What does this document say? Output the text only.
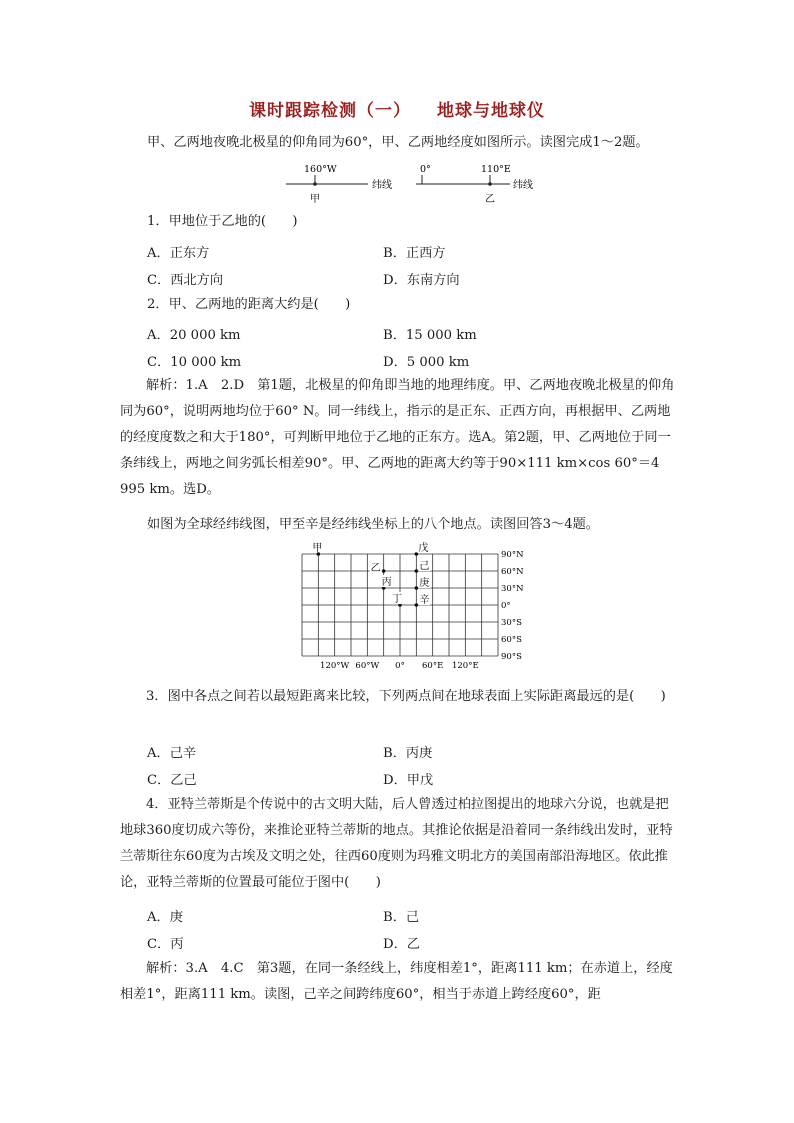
课时跟踪检测（一） 地球与地球仪
甲、乙两地夜晚北极星的仰角同为60°，甲、乙两地经度如图所示。读图完成1～2题。
160°W
甲
纬线
0°	110°E
乙
纬线
1．甲地位于乙地的(　　)
A．正东方	B．正西方
C．西北方向	D．东南方向
2．甲、乙两地的距离大约是(　　)
A．20 000 km	B．15 000 km
C．10 000 km	D．5 000 km
解析：1.A　2.D　第1题，北极星的仰角即当地的地理纬度。甲、乙两地夜晚北极星的仰角同为60°，说明两地均位于60° N。同一纬线上，指示的是正东、正西方向，再根据甲、乙两地的经度度数之和大于180°，可判断甲地位于乙地的正东方。选A。第2题，甲、乙两地位于同一条纬线上，两地之间劣弧长相差90°。甲、乙两地的距离大约等于90×111 km×cos 60°＝4 995 km。选D。
如图为全球经纬线图，甲至辛是经纬线坐标上的八个地点。读图回答3～4题。
90°N
60°N
30°N
0°
30°S
60°S
90°S
120°W 60°W 0° 60°E 120°E
甲	戊
己
乙
丙	庚
丁 辛
3．图中各点之间若以最短距离来比较，下列两点间在地球表面上实际距离最远的是(　　)
A．己辛	B．丙庚
C．乙己	D．甲戊
4．亚特兰蒂斯是个传说中的古文明大陆，后人曾透过柏拉图提出的地球六分说，也就是把地球360度切成六等份，来推论亚特兰蒂斯的地点。其推论依据是沿着同一条纬线出发时，亚特兰蒂斯往东60度为古埃及文明之处，往西60度则为玛雅文明北方的美国南部沿海地区。依此推论，亚特兰蒂斯的位置最可能位于图中(　　)
A．庚	B．己
C．丙	D．乙
解析：3.A　4.C　第3题，在同一条经线上，纬度相差1°，距离111 km；在赤道上，经度相差1°，距离111 km。读图，己辛之间跨纬度60°，相当于赤道上跨经度60°，距
